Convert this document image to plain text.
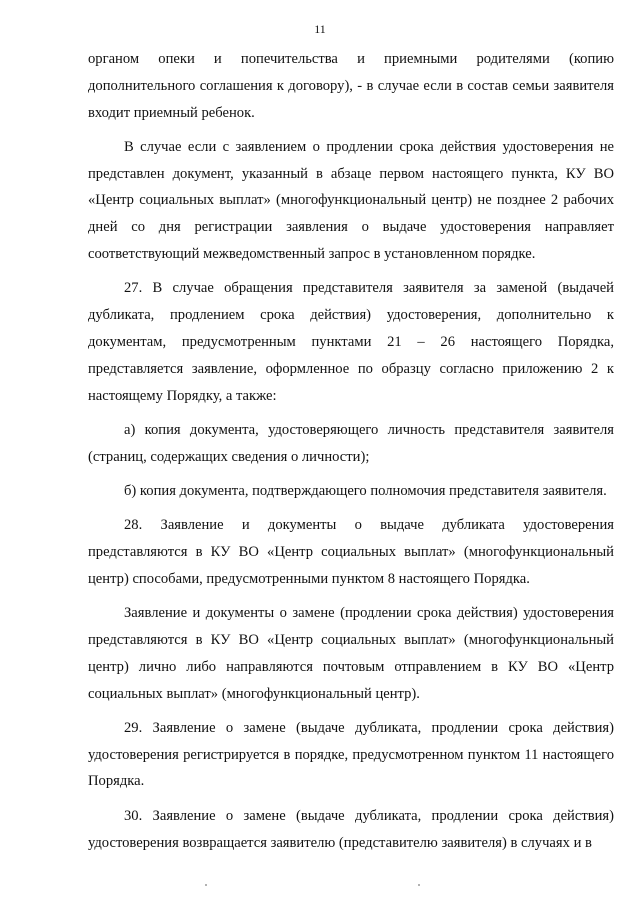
11

органом опеки и попечительства и приемными родителями (копию дополнительного соглашения к договору), - в случае если в состав семьи заявителя входит приемный ребенок.

В случае если с заявлением о продлении срока действия удостоверения не представлен документ, указанный в абзаце первом настоящего пункта, КУ ВО «Центр социальных выплат» (многофункциональный центр) не позднее 2 рабочих дней со дня регистрации заявления о выдаче удостоверения направляет соответствующий межведомственный запрос в установленном порядке.

27. В случае обращения представителя заявителя за заменой (выдачей дубликата, продлением срока действия) удостоверения, дополнительно к документам, предусмотренным пунктами 21 – 26 настоящего Порядка, представляется заявление, оформленное по образцу согласно приложению 2 к настоящему Порядку, а также:

а) копия документа, удостоверяющего личность представителя заявителя (страниц, содержащих сведения о личности);

б) копия документа, подтверждающего полномочия представителя заявителя.

28. Заявление и документы о выдаче дубликата удостоверения представляются в КУ ВО «Центр социальных выплат» (многофункциональный центр) способами, предусмотренными пунктом 8 настоящего Порядка.

Заявление и документы о замене (продлении срока действия) удостоверения представляются в КУ ВО «Центр социальных выплат» (многофункциональный центр) лично либо направляются почтовым отправлением в КУ ВО «Центр социальных выплат» (многофункциональный центр).

29. Заявление о замене (выдаче дубликата, продлении срока действия) удостоверения регистрируется в порядке, предусмотренном пунктом 11 настоящего Порядка.

30. Заявление о замене (выдаче дубликата, продлении срока действия) удостоверения возвращается заявителю (представителю заявителя) в случаях и в
